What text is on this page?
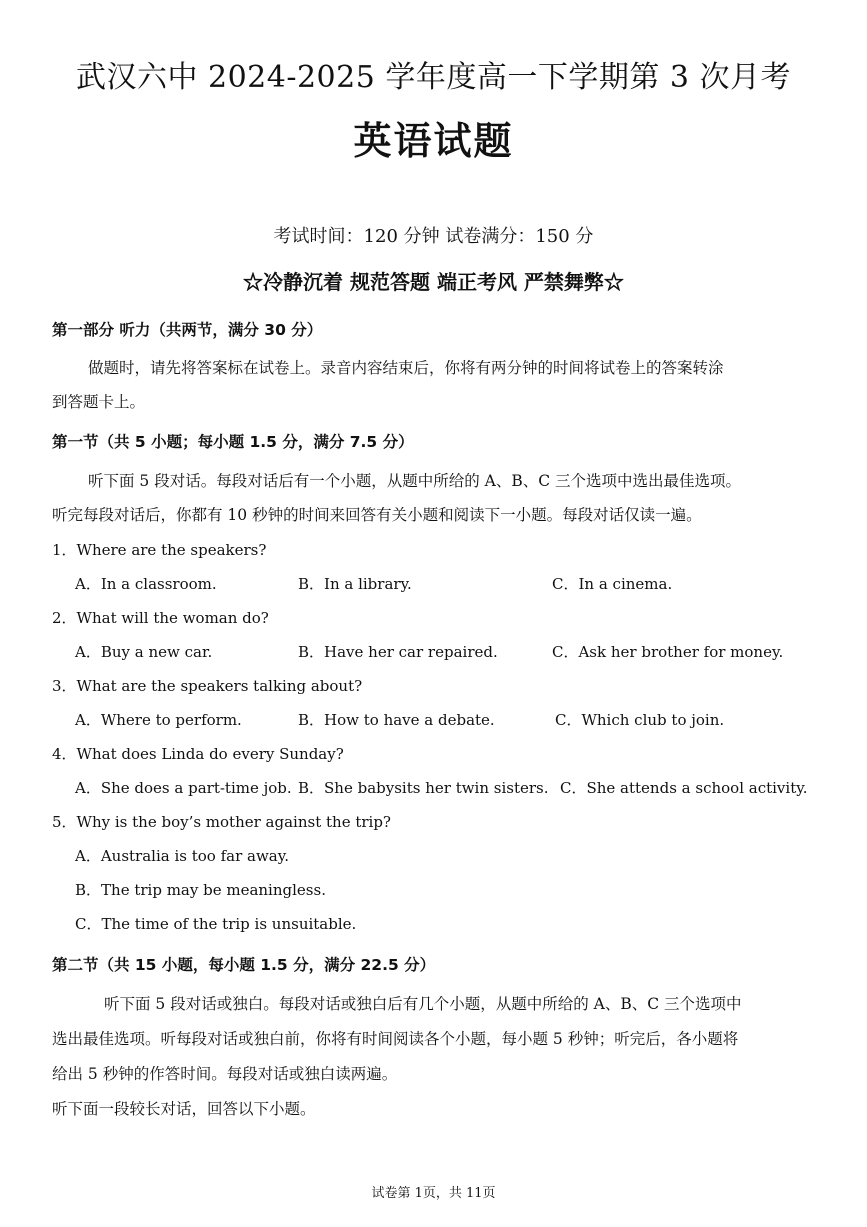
武汉六中 2024-2025 学年度高一下学期第 3 次月考
英语试题
考试时间：120 分钟 试卷满分：150 分
☆冷静沉着 规范答题 端正考风 严禁舞弊☆
第一部分 听力（共两节，满分 30 分）
做题时，请先将答案标在试卷上。录音内容结束后，你将有两分钟的时间将试卷上的答案转涂
到答题卡上。
第一节（共 5 小题；每小题 1.5 分，满分 7.5 分）
听下面 5 段对话。每段对话后有一个小题，从题中所给的 A、B、C 三个选项中选出最佳选项。
听完每段对话后，你都有 10 秒钟的时间来回答有关小题和阅读下一小题。每段对话仅读一遍。
1．Where are the speakers?
A．In a classroom.	B．In a library.	C．In a cinema.
2．What will the woman do?
A．Buy a new car.	B．Have her car repaired.	C．Ask her brother for money.
3．What are the speakers talking about?
A．Where to perform.	B．How to have a debate.	C．Which club to join.
4．What does Linda do every Sunday?
A．She does a part-time job. B．She babysits her twin sisters. C．She attends a school activity.
5．Why is the boy’s mother against the trip?
A．Australia is too far away.
B．The trip may be meaningless.
C．The time of the trip is unsuitable.
第二节（共 15 小题，每小题 1.5 分，满分 22.5 分）
听下面 5 段对话或独白。每段对话或独白后有几个小题，从题中所给的 A、B、C 三个选项中
选出最佳选项。听每段对话或独白前，你将有时间阅读各个小题，每小题 5 秒钟；听完后，各小题将
给出 5 秒钟的作答时间。每段对话或独白读两遍。
听下面一段较长对话，回答以下小题。
试卷第 1页，共 11页
